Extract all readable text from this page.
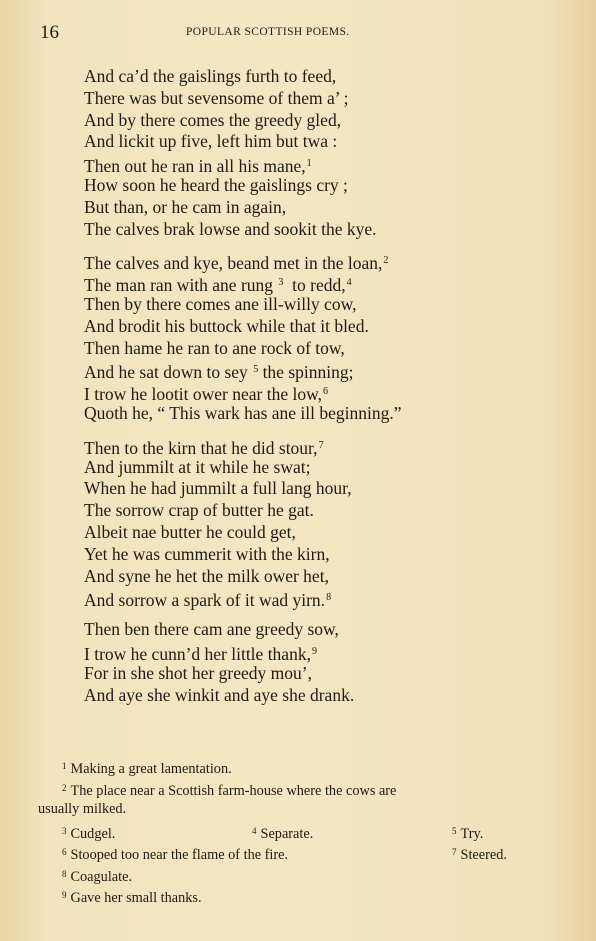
16	POPULAR SCOTTISH POEMS.
And ca’d the gaislings furth to feed,
There was but sevensome of them a’ ;
And by there comes the greedy gled,
And lickit up five, left him but twa :
Then out he ran in all his mane,$^1$
How soon he heard the gaislings cry ;
But than, or he cam in again,
The calves brak lowse and sookit the kye.
The calves and kye, beand met in the loan,$^2$
The man ran with ane rung $^3$  to redd,$^4$
Then by there comes ane ill-willy cow,
And brodit his buttock while that it bled.
Then hame he ran to ane rock of tow,
And he sat down to sey $^5$ the spinning;
I trow he lootit ower near the low,$^6$
Quoth he, “ This wark has ane ill beginning.”
Then to the kirn that he did stour,$^7$
And jummilt at it while he swat;
When he had jummilt a full lang hour,
The sorrow crap of butter he gat.
Albeit nae butter he could get,
Yet he was cummerit with the kirn,
And syne he het the milk ower het,
And sorrow a spark of it wad yirn.$^8$
Then ben there cam ane greedy sow,
I trow he cunn’d her little thank,$^9$
For in she shot her greedy mou’,
And aye she winkit and aye she drank.
$^1$ Making a great lamentation.
$^2$ The place near a Scottish farm-house where the cows are
usually milked.
$^3$ Cudgel.	$^4$ Separate.	$^5$ Try.
$^6$ Stooped too near the flame of the fire.	$^7$ Steered.
$^8$ Coagulate.
$^9$ Gave her small thanks.
